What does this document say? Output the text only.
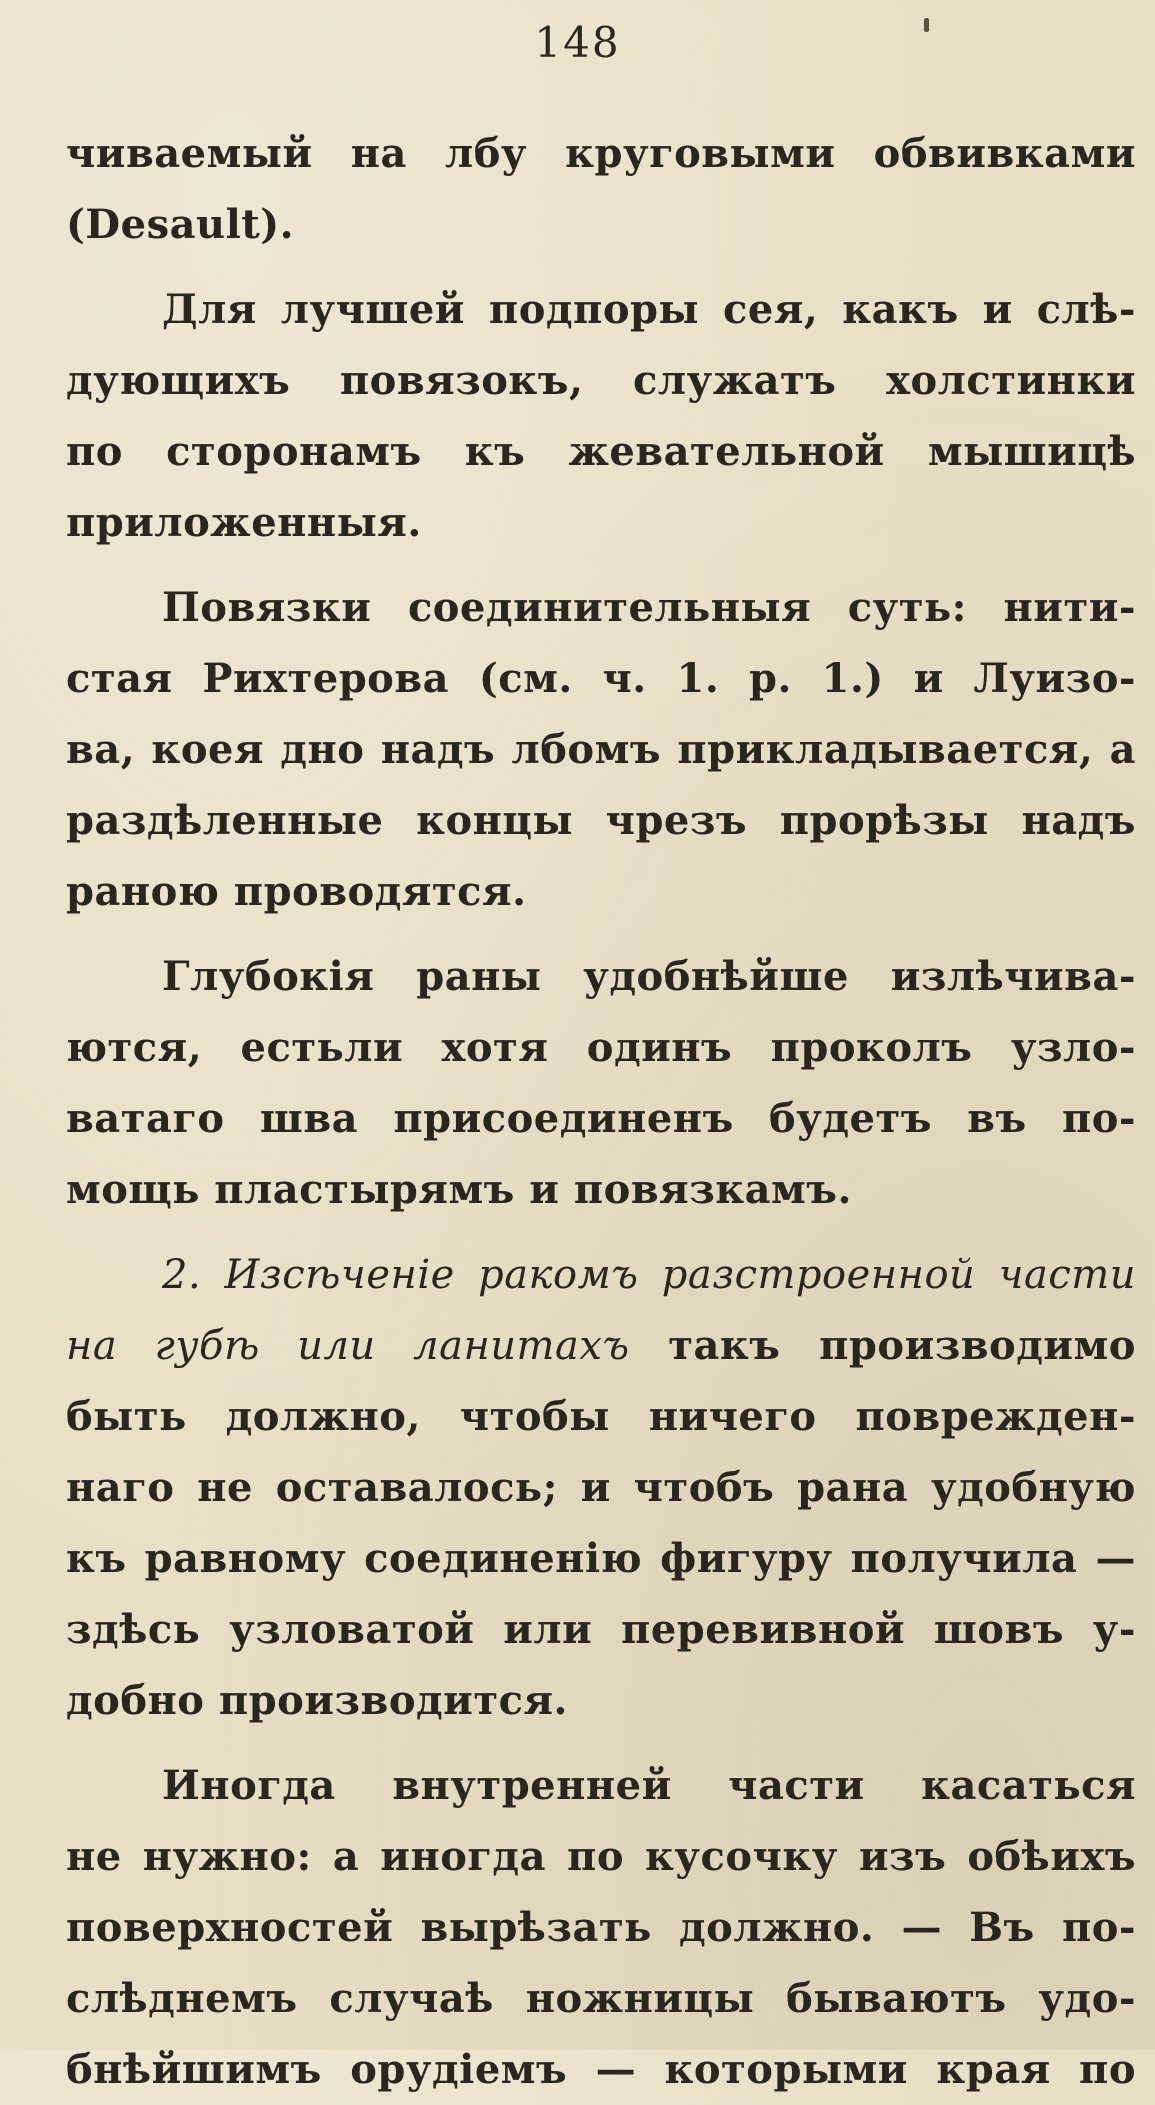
148
чиваемый на лбу круговыми обвивками
(Desault).
Для лучшей подпоры сея, какъ и слѣ-
дующихъ повязокъ, служатъ холстинки
по сторонамъ къ жевательной мышицѣ
приложенныя.
Повязки соединительныя суть: нити-
стая Рихтерова (см. ч. 1. р. 1.) и Луизо-
ва, коея дно надъ лбомъ прикладывается, а
раздѣленные концы чрезъ прорѣзы надъ
раною проводятся.
Глубокія раны удобнѣйше излѣчива-
ются, естьли хотя одинъ проколъ узло-
ватаго шва присоединенъ будетъ въ по-
мощь пластырямъ и повязкамъ.
2. Изсѣченіе ракомъ разстроенной части
на губѣ или ланитахъ такъ производимо
быть должно, чтобы ничего поврежден-
наго не оставалось; и чтобъ рана удобную
къ равному соединенію фигуру получила —
здѣсь узловатой или перевивной шовъ у-
добно производится.
Иногда внутренней части касаться
не нужно: а иногда по кусочку изъ обѣихъ
поверхностей вырѣзать должно. — Въ по-
слѣднемъ случаѣ ножницы бываютъ удо-
бнѣйшимъ орудіемъ — которыми края по
